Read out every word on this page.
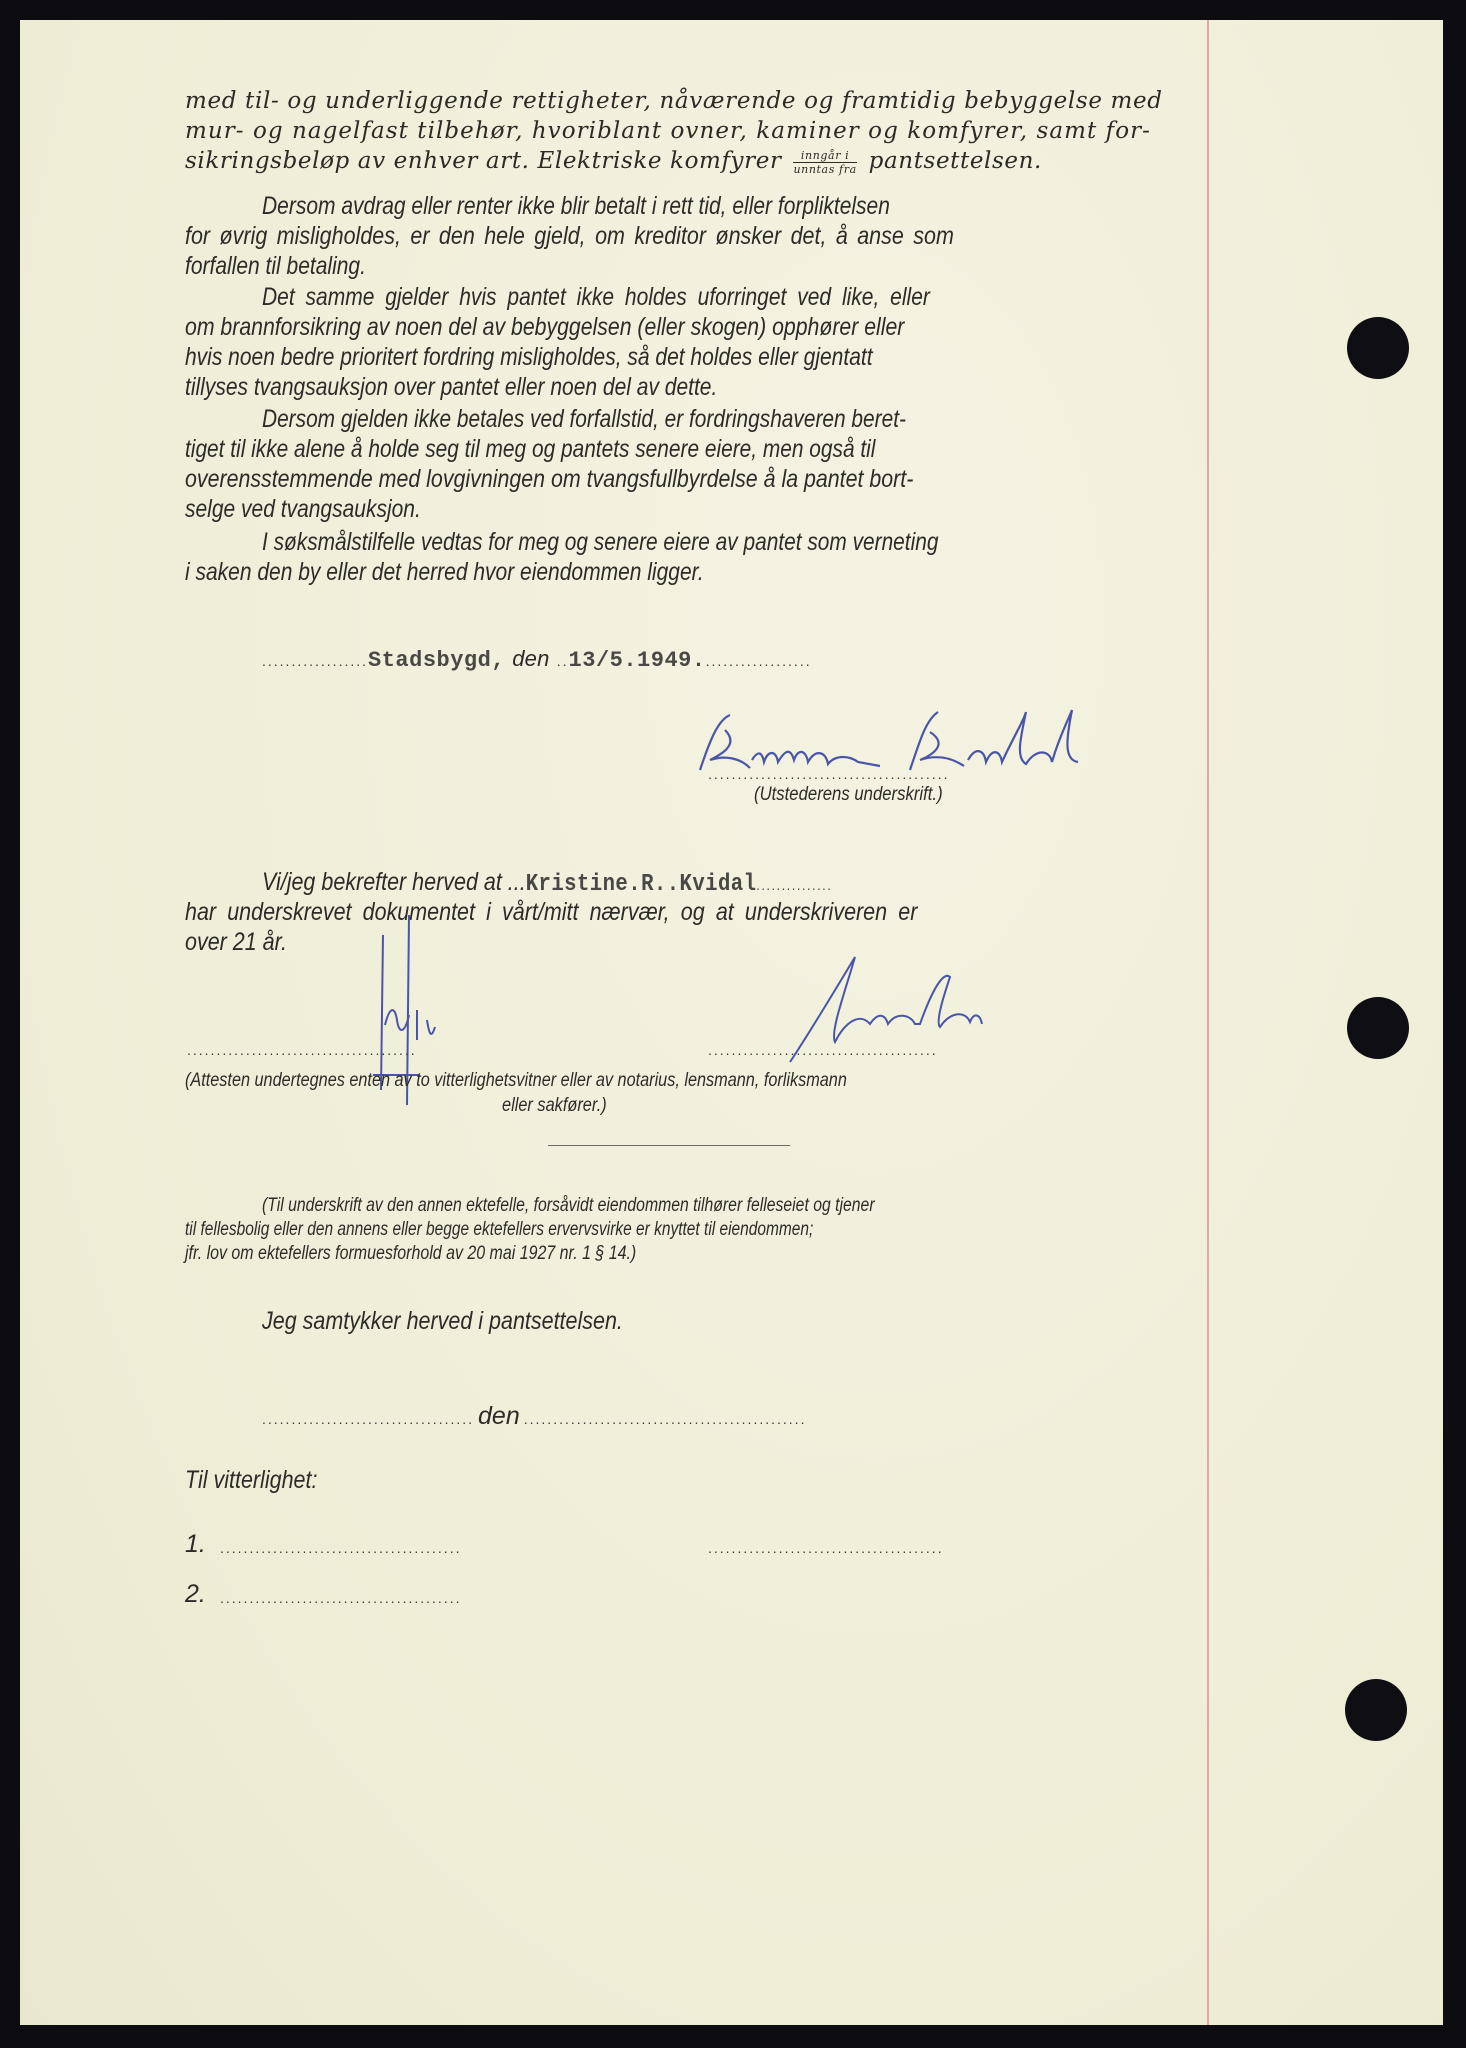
med til- og underliggende rettigheter, nåværende og framtidig bebyggelse med
mur- og nagelfast tilbehør, hvoriblant ovner, kaminer og komfyrer, samt for-
sikringsbeløp av enhver art. Elektriske komfyrer $\frac{\text{inngår i}}{\text{unntas fra}}$ pantsettelsen.
Dersom avdrag eller renter ikke blir betalt i rett tid, eller forpliktelsen
for øvrig misligholdes, er den hele gjeld, om kreditor ønsker det, å anse som
forfallen til betaling.
Det samme gjelder hvis pantet ikke holdes uforringet ved like, eller
om brannforsikring av noen del av bebyggelsen (eller skogen) opphører eller
hvis noen bedre prioritert fordring misligholdes, så det holdes eller gjentatt
tillyses tvangsauksjon over pantet eller noen del av dette.
Dersom gjelden ikke betales ved forfallstid, er fordringshaveren beret-
tiget til ikke alene å holde seg til meg og pantets senere eiere, men også til
overensstemmende med lovgivningen om tvangsfullbyrdelse å la pantet bort-
selge ved tvangsauksjon.
I søksmålstilfelle vedtas for meg og senere eiere av pantet som verneting
i saken den by eller det herred hvor eiendommen ligger.
..................Stadsbygd, den ..13/5.1949...................
.........................................
(Utstederens underskrift.)
Vi/jeg bekrefter herved at ...Kristine.R..Kvidal...............
har underskrevet dokumentet i vårt/mitt nærvær, og at underskriveren er
over 21 år.
.......................................	.......................................
(Attesten undertegnes enten av to vitterlighetsvitner eller av notarius, lensmann, forliksmann
eller sakfører.)
(Til underskrift av den annen ektefelle, forsåvidt eiendommen tilhører felleseiet og tjener
til fellesbolig eller den annens eller begge ektefellers ervervsvirke er knyttet til eiendommen;
jfr. lov om ektefellers formuesforhold av 20 mai 1927 nr. 1 § 14.)
Jeg samtykker herved i pantsettelsen.
.................................... den ................................................
Til vitterlighet:
1. .........................................	........................................
2. .........................................
